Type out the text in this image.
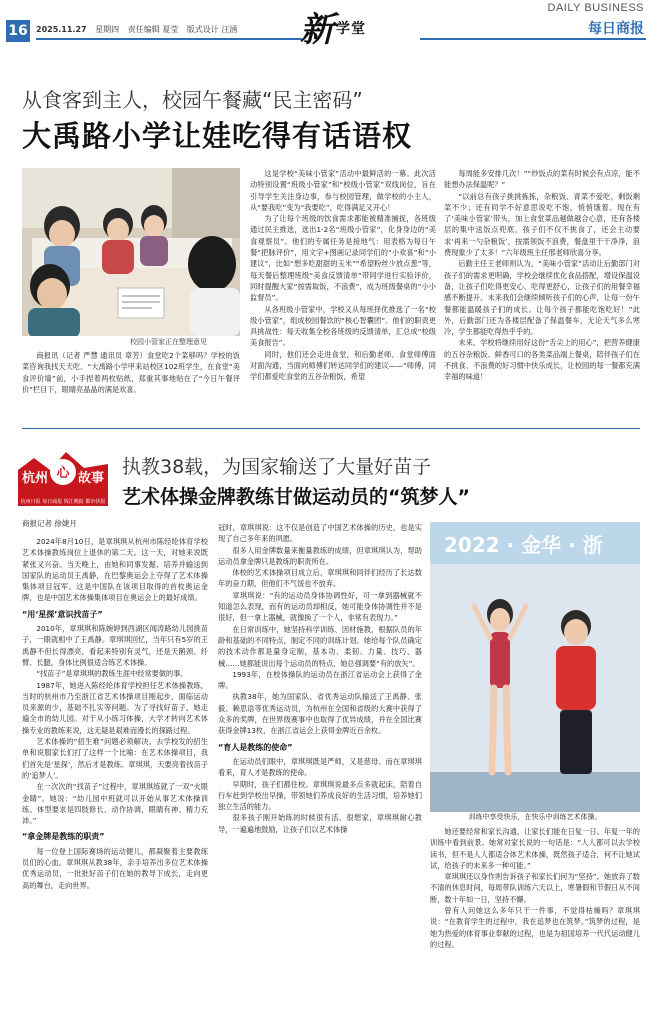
16 2025.11.27 星期四 责任编辑 夏莹 版式设计 汪涵 新 学堂
DAILY BUSINESS
每日商报
从食客到主人，校园午餐藏“民主密码”
大禹路小学让娃吃得有话语权
校园小管家正在整理意见

商报讯（记者 严慧 通讯员 章芳）食堂吃2个菜够吗？学校的饭菜咨询我找天天吃。“大禹路小学甲来站校区102班学生，在食堂“美食评价墙”前，小手捏着两枚贴纸，郑重其事地贴在了“今日午餐评价”栏目下，眼睛亮晶晶的满是欢喜。

这是学校“美味小管家”活动中最鲜活的一幕。此次活动特别设置“班级小管家”和“校级小管家”双线岗位，旨在引导学生关注身边事，参与校园管理，做学校的小主人，从“要我吃”变为“我要吃”，吃得满足又开心！

为了让每个班级的饮食需求都能被精准捕捉，各班级通过民主推选，选出1-2名“班级小管家”，化身身边的“美食观察员”。他们的专属任务是接地气：用表格为每日午餐“把脉评价”，用文字+图画记录同学们的“小欢喜”和“小建议”，比如“想多吃甜甜的玉米”“希望粉丝少放点葱”等，每天餐后整理班级“美食反馈清单”带同学进行实验评价，同时提醒大家“按需取饭，不浪费”，成为班级餐桌的“小小监督员”。

从各班级小管家中，学校又从每班择优推选了一名“校级小管家”，组成校园餐饮的“核心智囊团”。他们的职责更具挑战性：每天收集全校各班级的反馈清单，汇总成“校级美食报告”。

同时，他们还会走进食堂，和后勤老师、食堂师傅面对面沟通，当面向师傅们转达同学们的建议——“师傅，同学们都爱吃食堂的五谷杂粮饭，希望

每周能多安排几次！”“炒饭点的菜有时候会有点凉，能不能想办法保温呢？”

“以前总有孩子挑挑拣拣，杂粮饭、青菜不爱吃，剩饭剩菜不少；还有同学不好意思说吃不饱，悄悄饿着。现在有了‘美味小管家’带头，加上食堂菜品越做越合心意，还有各楼层的集中送饭点兜底，孩子们不仅不挑食了，还会主动要求‘再来一勺杂粮饭’，按需领饭不浪费，餐盘里干干净净，浪费现象少了太多！”六年级班主任邢老师欣喜分享。

后勤主任王老师则认为，“美味小管家”活动让后勤部门对孩子们的需求更明确，学校会继续优化食品搭配，增设保温设备，让孩子们吃得更安心、吃得更舒心，让孩子们的用餐幸福感不断提升。未来我们会继续倾听孩子们的心声，让每一份午餐都能温暖孩子们的成长。让每个孩子都能吃饱吃好！”此外，后勤部门还为各楼层配备了保温餐车，无论天气多么寒冷，学生都能吃得热乎乎的。

未来，学校将继续用好这份“舌尖上的用心”，把营养健康的五谷杂粮饭、鲜香可口的各类菜品端上餐桌，陪伴孩子们在不挑食、不浪费的好习惯中快乐成长，让校园的每一餐都充满幸福的味道！

心
杭州 故事
杭州日报 每日商报 钱江晚报 都市快报
执教38载，为国家输送了大量好苗子
艺术体操金牌教练甘做运动员的“筑梦人”
商报记者 徐婕月

2024年8月10日，是章琪琪从杭州市陈经纶体育学校艺术体操教练岗位上退休的第二天。这一天，对她来说既紧张又兴奋。当天晚上，由她和同事发掘、培养并输送到国家队的运动员王禹静，在巴黎奥运会上夺得了艺术体操集体项目冠军。这是中国队在该项目取得的首枚奥运金牌，也是中国艺术体操集体项目在奥运会上的最好成绩。

“用‘星探’意识找苗子”

2010年，章琪琪和陈婉婷到西湖区闻涛路幼儿园挑苗子，一眼就相中了王禹静。章琪琪回忆，当年只有5岁的王禹静不但长得漂亮，看起来特别有灵气，还是天鹅颈、纤臂、长腿，身体比例很适合练艺术体操。

“找苗子”是章琪琪的教练生涯中经常要做的事。

1987年，她进入陈经纶体育学校担任艺术体操教练，当时的杭州市乃至浙江省艺术体操项目刚起步，面临运动员来源的少，基础不扎实等问题。为了寻找好苗子，她走遍全市的幼儿园。对于从小练习体操，大学才转向艺术体操专业的教练来说，这无疑是艰难而漫长的探路过程。

艺术体操的“招生难”问题必须解决。去学校发的招生单和说服家长们打了这样一个比喻：在艺术体操项目，我们首先是‘星探’，然后才是教练。章琪琪，天要亮着找苗子的‘追梦人’。

在一次次的“找苗子”过程中，章琪琪练就了一双“火眼金睛”。她说：“幼儿园中班就可以开始从事艺术体操训练。体型要求是四肢修长、动作协调，眼睛有神、精力充沛。”

“拿金牌是教练的职责”

每一位登上国际赛场的运动健儿，都凝聚着主要教练员们的心血。章琪琪从教38年，亲手培养出多位艺术体操优秀运动员，一批批好苗子们在她的教导下成长，走向更高的舞台，走向世界。

冠时，章琪琪说：这不仅是创造了中国艺术体操的历史，也是实现了自己多年来的夙愿。

很多人用金牌数量来衡量教练的成绩，但章琪琪认为，帮助运动员拿金牌只是教练的职责所在。

体校的艺术体操项目成立后，章琪琪和同伴们经历了长达数年的奋力期，但他们不气馁也不放弃。

章琪琪说：“有的运动员身体协调性好，可一拿到器械就不知道怎么表现，而有的运动员却相反，她可能身体协调性并不是很好，但一拿上器械，就像换了一个人，非常有表现力。”

在日常训练中，她坚持科学训练、因材施教，根据队员的年龄和基础的不同特点，制定不同的训练计划。她给每个队员确定的技术动作都是量身定制，基本功、柔韧、力量、技巧、器械……她都能说出每个运动员的特点，她总强调要“有的放矢”。

1993年，在校体操队的运动员在浙江省运动会上获得了金牌。

执教38年，她为国家队、省优秀运动队输送了王禹静、张毅、赖思语等优秀运动员，为杭州在全国和省级的大赛中获得了众多的奖牌，在世界级赛事中也取得了优异成绩，并在全国比赛获得金牌13枚，在浙江省运会上获得金牌近百余枚。

“育人是教练的使命”

在运动员们眼中，章琪琪既是严师，又是慈母。而在章琪琪看来，育人才是教练的使命。

早期时，孩子们都住校。章琪琪说最多点多就起床，陪着自行车赶到学校出早操，带领她们养成良好的生活习惯，培养她们独立生活的能力。

很多孩子刚开始练的时候很有活、很想家，章琪琪耐心教导，一遍遍地鼓励，让孩子们以艺术体操

2022 · 金华 · 浙
训练中享受快乐，在快乐中训练艺术体操。

她还要经常和家长沟通，让家长们能在日复一日、年复一年的训练中看到前景。她常对家长说的一句话是：“人人都可以去学校读书，但不是人人都适合体艺术体操，既然孩子适合，何不让她试试，给孩子的未来多一种可能。”

章琪琪还以身作则告诉孩子和家长们何为“坚持”。她放弃了数不清的休息时间，每周带队训练六天以上，寒暑假和节假日从不间断，数十年如一日，坚持不懈。

曾有人问她这么多年只干一件事，不觉得枯燥吗？章琪琪说：“在教育学生的过程中，我在追梦也在筑梦。”筑梦的过程，是她为热爱的体育事业奉献的过程，也是为祖国培养一代代运动健儿的过程。
